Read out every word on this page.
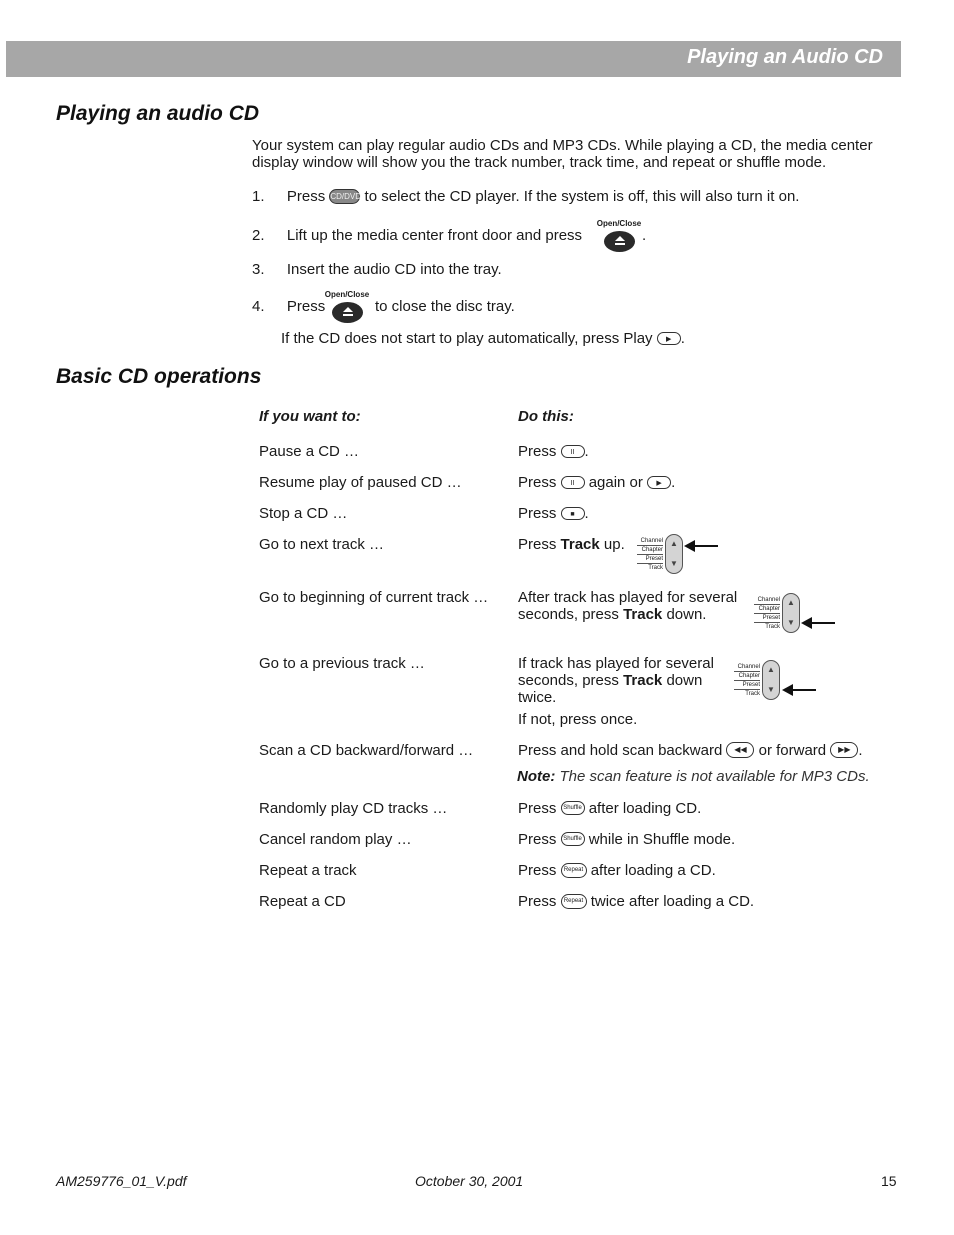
Playing an Audio CD
Playing an audio CD
Your system can play regular audio CDs and MP3 CDs. While playing a CD, the media center display window will show you the track number, track time, and repeat or shuffle mode.
1. Press CD/DVD to select the CD player. If the system is off, this will also turn it on.
2. Lift up the media center front door and press
Open/Close
.
3. Insert the audio CD into the tray.
4. Press
Open/Close
to close the disc tray.
If the CD does not start to play automatically, press Play ▶ .
Basic CD operations
If you want to:	Do this:
Pause a CD …	Press II .
Resume play of paused CD …	Press II again or ▶ .
Stop a CD …	Press ■ .
Go to next track …	Press Track up.	Channel
Chapter
Preset
Track
▲
▼
Go to beginning of current track … After track has played for several
seconds, press Track down.
Channel
Chapter
Preset
Track
▲
▼
Go to a previous track …	If track has played for several
seconds, press Track down
twice.
If not, press once.
Channel
Chapter
Preset
Track
▲
▼
Scan a CD backward/forward …	Press and hold scan backward ◀◀ or forward ▶▶ .
Note: The scan feature is not available for MP3 CDs.
Randomly play CD tracks …	Press Shuffle after loading CD.
Cancel random play …	Press Shuffle while in Shuffle mode.
Repeat a track	Press Repeat after loading a CD.
Repeat a CD	Press Repeat twice after loading a CD.
AM259776_01_V.pdf	October 30, 2001	15
